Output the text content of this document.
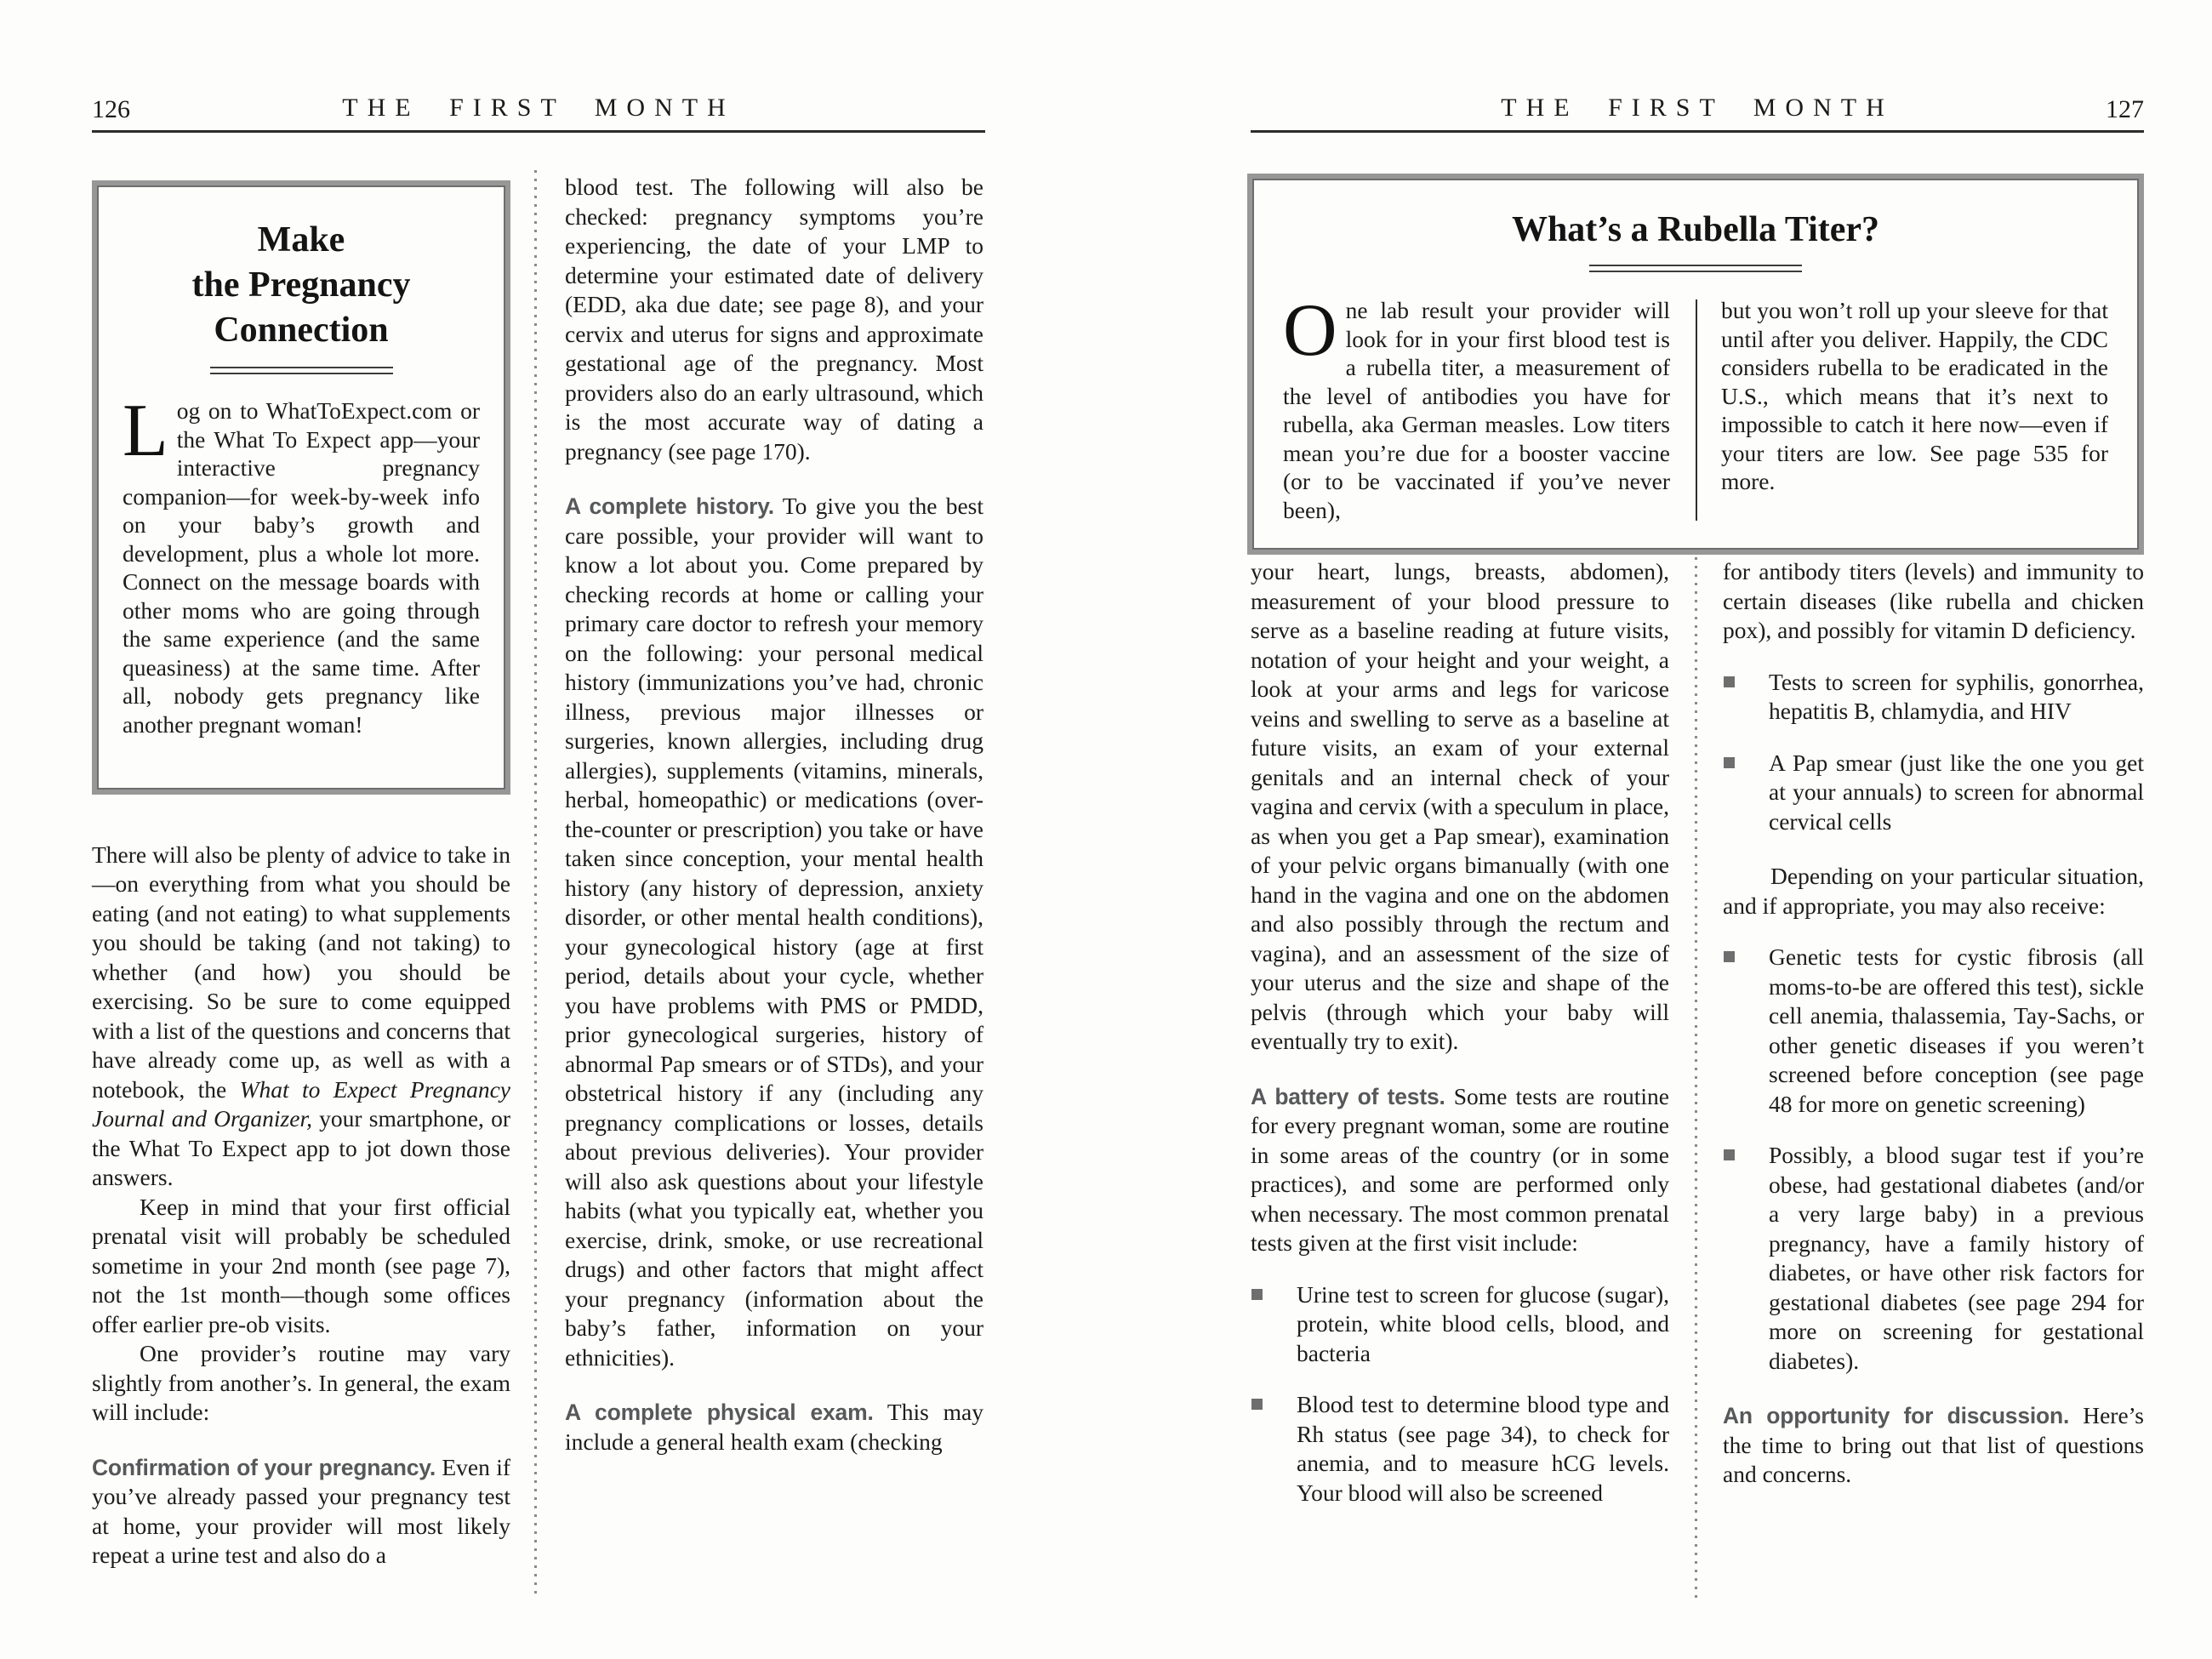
126	THE FIRST MONTH
Make
the Pregnancy
Connection

Log on to WhatToExpect.com or the What To Expect app—your interactive pregnancy companion—for week-by-week info on your baby’s growth and development, plus a whole lot more. Connect on the message boards with other moms who are going through the same experience (and the same queasiness) at the same time. After all, nobody gets pregnancy like another pregnant woman!

There will also be plenty of advice to take in—on everything from what you should be eating (and not eating) to what supplements you should be taking (and not taking) to whether (and how) you should be exercising. So be sure to come equipped with a list of the questions and concerns that have already come up, as well as with a notebook, the What to Expect Pregnancy Journal and Organizer, your smartphone, or the What To Expect app to jot down those answers.

Keep in mind that your first official prenatal visit will probably be scheduled sometime in your 2nd month (see page 7), not the 1st month—though some offices offer earlier pre-ob visits.

One provider’s routine may vary slightly from another’s. In general, the exam will include:

Confirmation of your pregnancy. Even if you’ve already passed your pregnancy test at home, your provider will most likely repeat a urine test and also do a

blood test. The following will also be checked: pregnancy symptoms you’re experiencing, the date of your LMP to determine your estimated date of delivery (EDD, aka due date; see page 8), and your cervix and uterus for signs and approximate gestational age of the pregnancy. Most providers also do an early ultrasound, which is the most accurate way of dating a pregnancy (see page 170).

A complete history. To give you the best care possible, your provider will want to know a lot about you. Come prepared by checking records at home or calling your primary care doctor to refresh your memory on the following: your personal medical history (immunizations you’ve had, chronic illness, previous major illnesses or surgeries, known allergies, including drug allergies), supplements (vitamins, minerals, herbal, homeopathic) or medications (over-the-counter or prescription) you take or have taken since conception, your mental health history (any history of depression, anxiety disorder, or other mental health conditions), your gynecological history (age at first period, details about your cycle, whether you have problems with PMS or PMDD, prior gynecological surgeries, history of abnormal Pap smears or of STDs), and your obstetrical history if any (including any pregnancy complications or losses, details about previous deliveries). Your provider will also ask questions about your lifestyle habits (what you typically eat, whether you exercise, drink, smoke, or use recreational drugs) and other factors that might affect your pregnancy (information about the baby’s father, information on your ethnicities).

A complete physical exam. This may include a general health exam (checking

THE FIRST MONTH	127
What’s a Rubella Titer?

One lab result your provider will look for in your first blood test is a rubella titer, a measurement of the level of antibodies you have for rubella, aka German measles. Low titers mean you’re due for a booster vaccine (or to be vaccinated if you’ve never been),

but you won’t roll up your sleeve for that until after you deliver. Happily, the CDC considers rubella to be eradicated in the U.S., which means that it’s next to impossible to catch it here now—even if your titers are low. See page 535 for more.

your heart, lungs, breasts, abdomen), measurement of your blood pressure to serve as a baseline reading at future visits, notation of your height and your weight, a look at your arms and legs for varicose veins and swelling to serve as a baseline at future visits, an exam of your external genitals and an internal check of your vagina and cervix (with a speculum in place, as when you get a Pap smear), examination of your pelvic organs bimanually (with one hand in the vagina and one on the abdomen and also possibly through the rectum and vagina), and an assessment of the size of your uterus and the size and shape of the pelvis (through which your baby will eventually try to exit).

A battery of tests. Some tests are routine for every pregnant woman, some are routine in some areas of the country (or in some practices), and some are performed only when necessary. The most common prenatal tests given at the first visit include:

Urine test to screen for glucose (sugar), protein, white blood cells, blood, and bacteria
Blood test to determine blood type and Rh status (see page 34), to check for anemia, and to measure hCG levels. Your blood will also be screened

for antibody titers (levels) and immunity to certain diseases (like rubella and chicken pox), and possibly for vitamin D deficiency.

Tests to screen for syphilis, gonorrhea, hepatitis B, chlamydia, and HIV
A Pap smear (just like the one you get at your annuals) to screen for abnormal cervical cells

Depending on your particular situation, and if appropriate, you may also receive:

Genetic tests for cystic fibrosis (all moms-to-be are offered this test), sickle cell anemia, thalassemia, Tay-Sachs, or other genetic diseases if you weren’t screened before conception (see page 48 for more on genetic screening)
Possibly, a blood sugar test if you’re obese, had gestational diabetes (and/or a very large baby) in a previous pregnancy, have a family history of diabetes, or have other risk factors for gestational diabetes (see page 294 for more on screening for gestational diabetes).

An opportunity for discussion. Here’s the time to bring out that list of questions and concerns.
